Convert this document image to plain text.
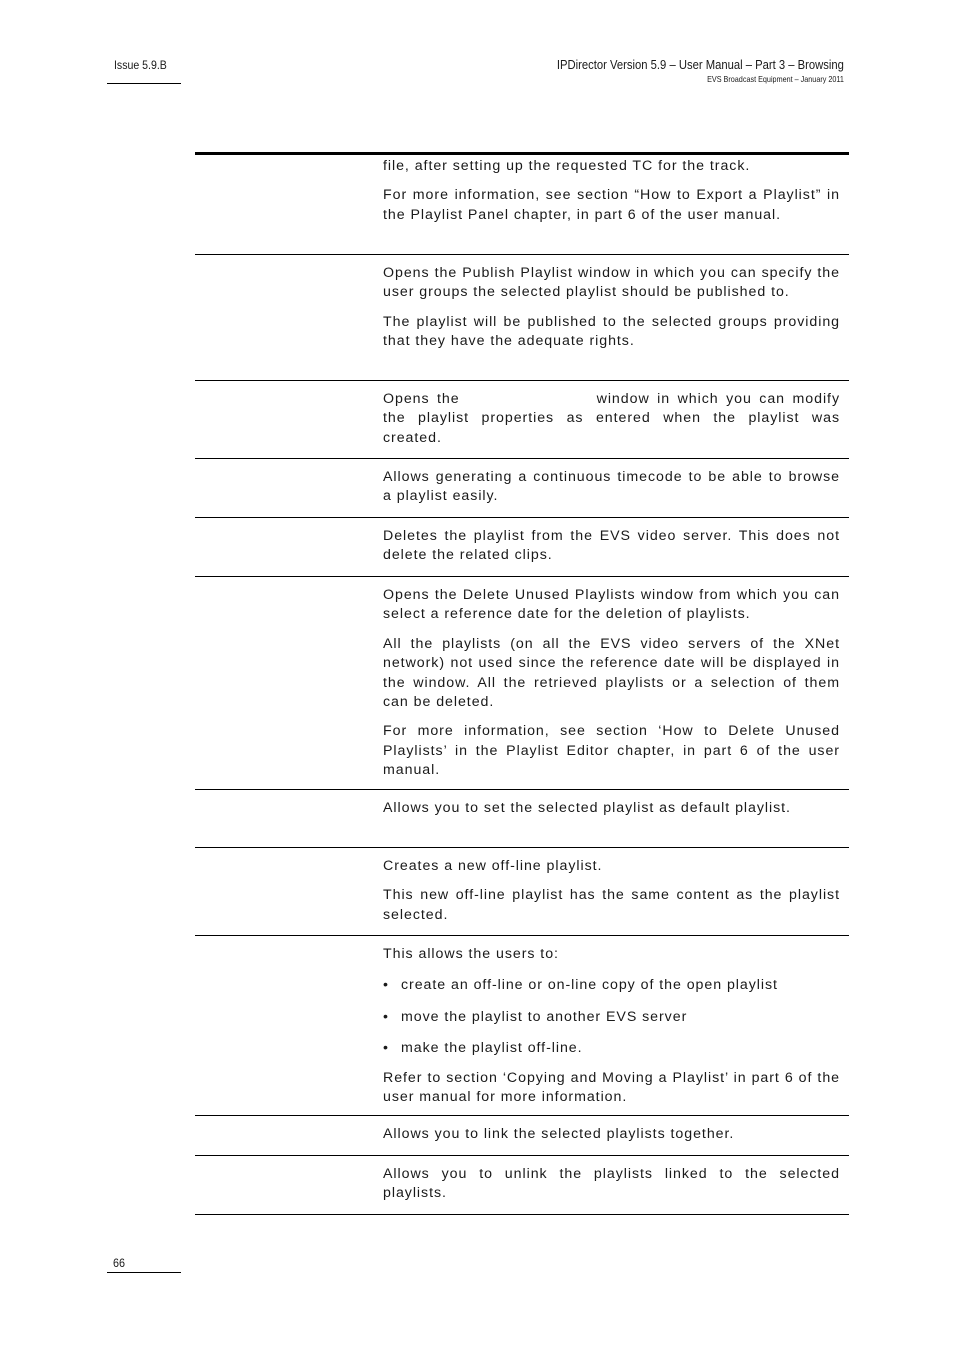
Issue 5.9.B	IPDirector Version 5.9 – User Manual – Part 3 – Browsing
EVS Broadcast Equipment – January 2011

file, after setting up the requested TC for the track.

For more information, see section “How to Export a Playlist” in the Playlist Panel chapter, in part 6 of the user manual.

Opens the Publish Playlist window in which you can specify the user groups the selected playlist should be published to.

The playlist will be published to the selected groups providing that they have the adequate rights.

Opens the	window in which you can modify the playlist properties as entered when the playlist was created.

Allows generating a continuous timecode to be able to browse a playlist easily.

Deletes the playlist from the EVS video server. This does not delete the related clips.

Opens the Delete Unused Playlists window from which you can select a reference date for the deletion of playlists.

All the playlists (on all the EVS video servers of the XNet network) not used since the reference date will be displayed in the window. All the retrieved playlists or a selection of them can be deleted.

For more information, see section ‘How to Delete Unused Playlists’ in the Playlist Editor chapter, in part 6 of the user manual.

Allows you to set the selected playlist as default playlist.

Creates a new off-line playlist.

This new off-line playlist has the same content as the playlist selected.

This allows the users to:

• create an off-line or on-line copy of the open playlist

• move the playlist to another EVS server

• make the playlist off-line.

Refer to section ‘Copying and Moving a Playlist’ in part 6 of the user manual for more information.

Allows you to link the selected playlists together.

Allows you to unlink the playlists linked to the selected playlists.

66
